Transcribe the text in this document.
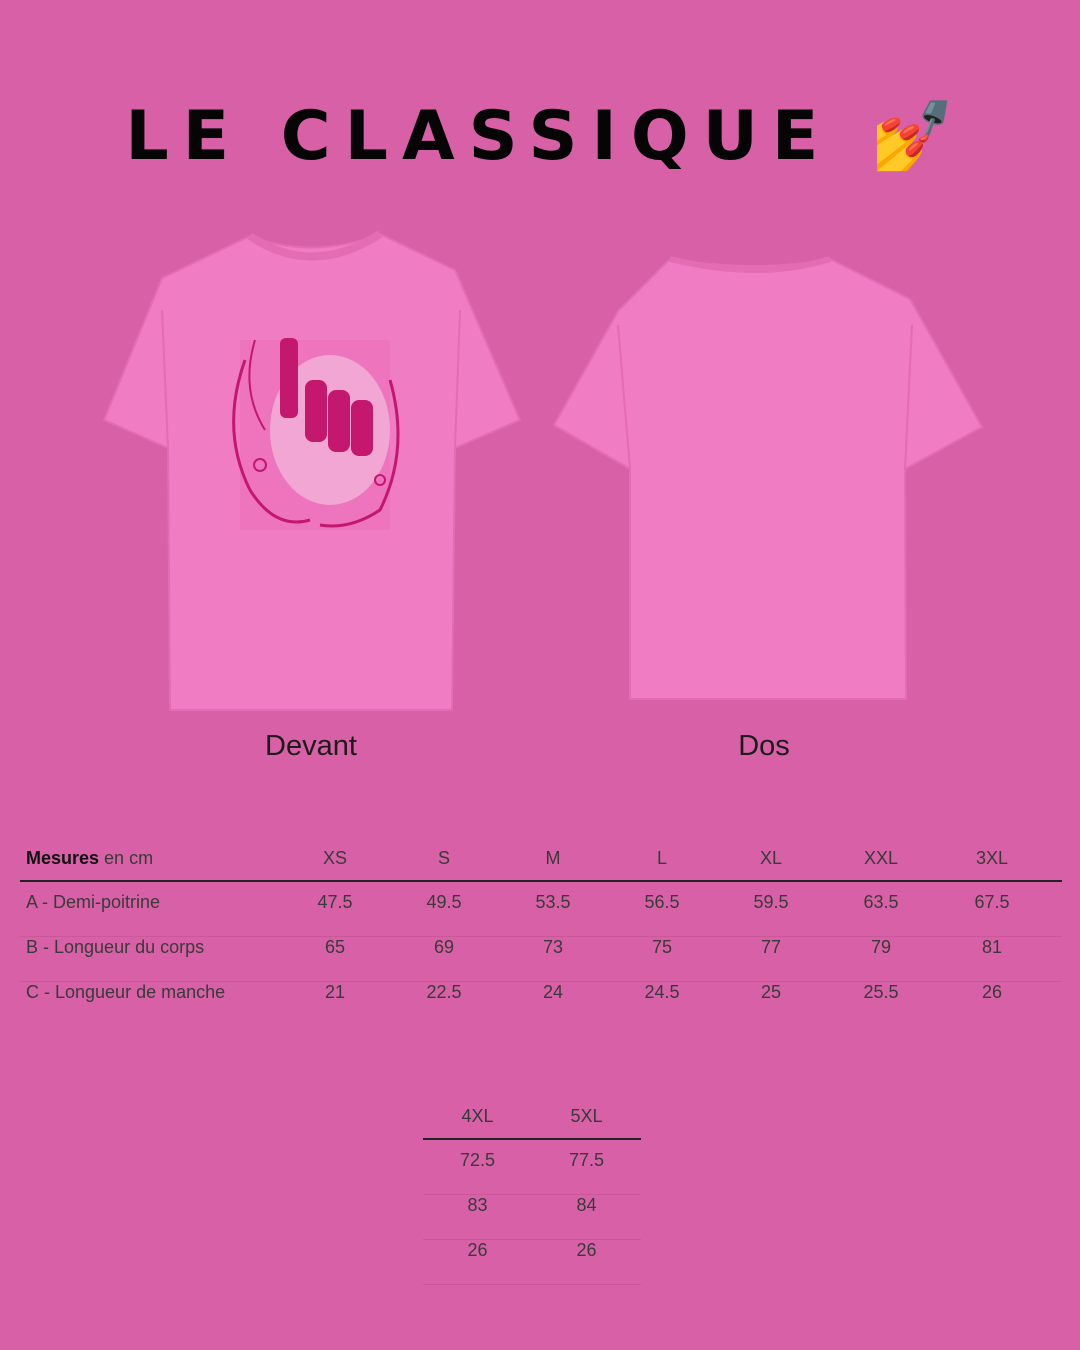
LE CLASSIQUE 💅
Devant	Dos
Mesures en cm	XS	S	M	L	XL	XXL	3XL
A - Demi-poitrine	47.5	49.5	53.5	56.5	59.5	63.5	67.5
B - Longueur du corps	65	69	73	75	77	79	81
C - Longueur de manche	21	22.5	24	24.5	25	25.5	26
4XL	5XL
72.5	77.5
83	84
26	26
